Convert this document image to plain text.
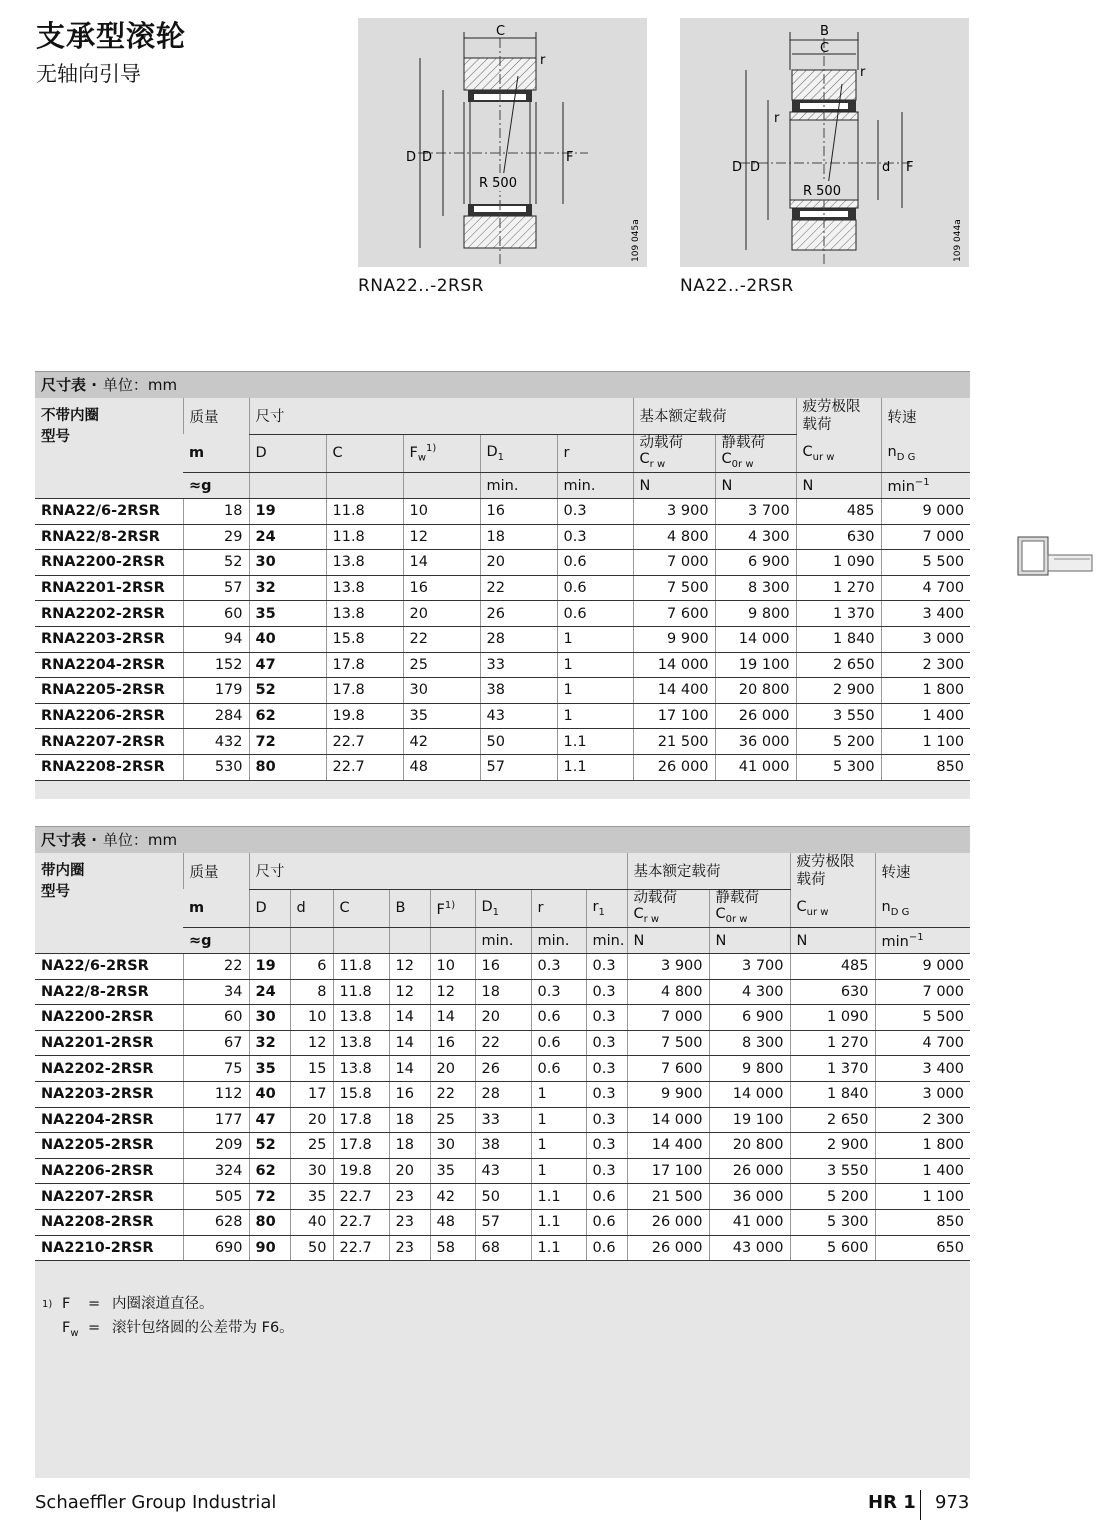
支承型滚轮
无轴向引导
C
r
D D	F
R 500
109 045a
RNA22..-2RSR
B
C
r
r
D D	d F
R 500
109 044a
NA22..-2RSR
尺寸表 · 单位：mm
不带内圈
型号	质量	尺寸					基本额定载荷		疲劳极限
载荷	转速
	m	D	C	$F_w^{1)}$	$D_1$	r	动载荷
$C_{r w}$	静载荷
$C_{0r w}$	$C_{ur w}$	$n_{D G}$
	≈g				min.	min.	N	N	N	$\min^{-1}$
RNA22/6-2RSR	18	19	11.8	10	16	0.3	3 900	3 700	485	9 000
RNA22/8-2RSR	29	24	11.8	12	18	0.3	4 800	4 300	630	7 000
RNA2200-2RSR	52	30	13.8	14	20	0.6	7 000	6 900	1 090	5 500
RNA2201-2RSR	57	32	13.8	16	22	0.6	7 500	8 300	1 270	4 700
RNA2202-2RSR	60	35	13.8	20	26	0.6	7 600	9 800	1 370	3 400
RNA2203-2RSR	94	40	15.8	22	28	1	9 900	14 000	1 840	3 000
RNA2204-2RSR	152	47	17.8	25	33	1	14 000	19 100	2 650	2 300
RNA2205-2RSR	179	52	17.8	30	38	1	14 400	20 800	2 900	1 800
RNA2206-2RSR	284	62	19.8	35	43	1	17 100	26 000	3 550	1 400
RNA2207-2RSR	432	72	22.7	42	50	1.1	21 500	36 000	5 200	1 100
RNA2208-2RSR	530	80	22.7	48	57	1.1	26 000	41 000	5 300	850
尺寸表 · 单位：mm
带内圈
型号	质量	尺寸								基本额定载荷		疲劳极限
载荷	转速
	m	D	d	C	B	$F^{1)}$	$D_1$	r	$r_1$	动载荷
$C_{r w}$	静载荷
$C_{0r w}$	$C_{ur w}$	$n_{D G}$
	≈g						min.	min.	min.	N	N	N	$\min^{-1}$
NA22/6-2RSR	22	19	6	11.8	12	10	16	0.3	0.3	3 900	3 700	485	9 000
NA22/8-2RSR	34	24	8	11.8	12	12	18	0.3	0.3	4 800	4 300	630	7 000
NA2200-2RSR	60	30	10	13.8	14	14	20	0.6	0.3	7 000	6 900	1 090	5 500
NA2201-2RSR	67	32	12	13.8	14	16	22	0.6	0.3	7 500	8 300	1 270	4 700
NA2202-2RSR	75	35	15	13.8	14	20	26	0.6	0.3	7 600	9 800	1 370	3 400
NA2203-2RSR	112	40	17	15.8	16	22	28	1	0.3	9 900	14 000	1 840	3 000
NA2204-2RSR	177	47	20	17.8	18	25	33	1	0.3	14 000	19 100	2 650	2 300
NA2205-2RSR	209	52	25	17.8	18	30	38	1	0.3	14 400	20 800	2 900	1 800
NA2206-2RSR	324	62	30	19.8	20	35	43	1	0.3	17 100	26 000	3 550	1 400
NA2207-2RSR	505	72	35	22.7	23	42	50	1.1	0.6	21 500	36 000	5 200	1 100
NA2208-2RSR	628	80	40	22.7	23	48	57	1.1	0.6	26 000	41 000	5 300	850
NA2210-2RSR	690	90	50	22.7	23	58	68	1.1	0.6	26 000	43 000	5 600	650
$^{1)}$ F	= 内圈滚道直径。
$F_w$ = 滚针包络圆的公差带为 F6。
Schaeffler Group Industrial	HR 1 973
